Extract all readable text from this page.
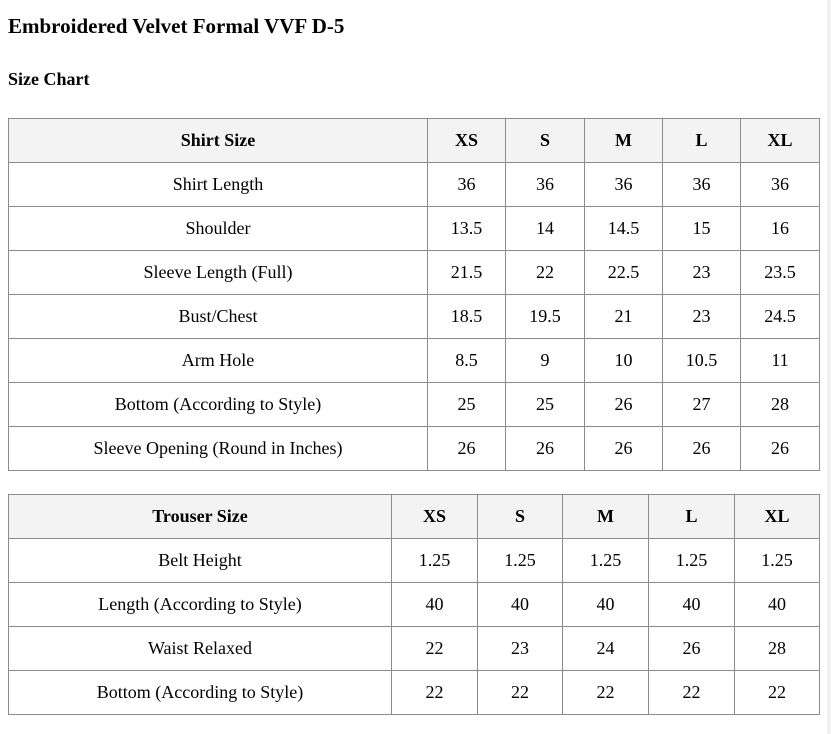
Embroidered Velvet Formal VVF D-5
Size Chart
Shirt Size	XS	S	M	L	XL
Shirt Length	36	36	36	36	36
Shoulder	13.5	14	14.5	15	16
Sleeve Length (Full)	21.5	22	22.5	23	23.5
Bust/Chest	18.5	19.5	21	23	24.5
Arm Hole	8.5	9	10	10.5	11
Bottom (According to Style)	25	25	26	27	28
Sleeve Opening (Round in Inches)	26	26	26	26	26
Trouser Size	XS	S	M	L	XL
Belt Height	1.25	1.25	1.25	1.25	1.25
Length (According to Style)	40	40	40	40	40
Waist Relaxed	22	23	24	26	28
Bottom (According to Style)	22	22	22	22	22
